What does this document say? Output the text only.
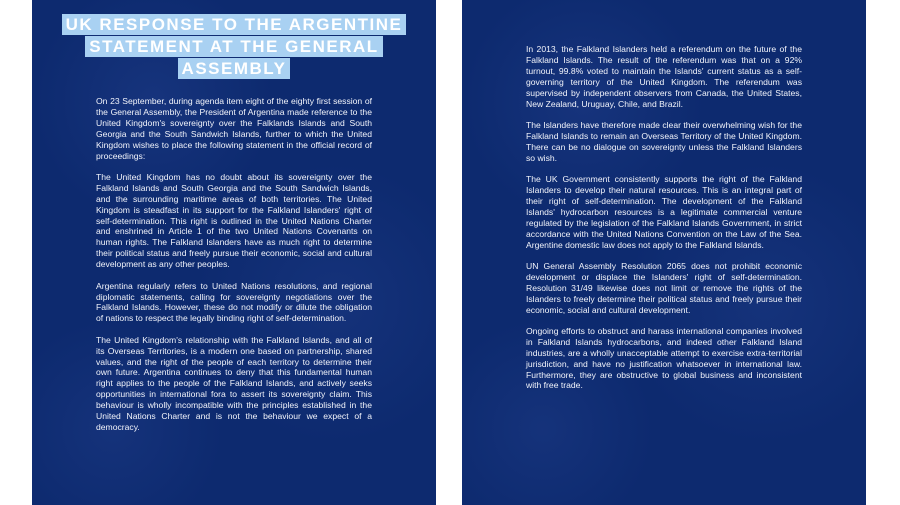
UK RESPONSE TO THE ARGENTINE STATEMENT AT THE GENERAL ASSEMBLY

On 23 September, during agenda item eight of the eighty first session of the General Assembly, the President of Argentina made reference to the United Kingdom's sovereignty over the Falklands Islands and South Georgia and the South Sandwich Islands, further to which the United Kingdom wishes to place the following statement in the official record of proceedings:

The United Kingdom has no doubt about its sovereignty over the Falkland Islands and South Georgia and the South Sandwich Islands, and the surrounding maritime areas of both territories. The United Kingdom is steadfast in its support for the Falkland Islanders' right of self-determination. This right is outlined in the United Nations Charter and enshrined in Article 1 of the two United Nations Covenants on human rights. The Falkland Islanders have as much right to determine their political status and freely pursue their economic, social and cultural development as any other peoples.

Argentina regularly refers to United Nations resolutions, and regional diplomatic statements, calling for sovereignty negotiations over the Falkland Islands. However, these do not modify or dilute the obligation of nations to respect the legally binding right of self-determination.

The United Kingdom's relationship with the Falkland Islands, and all of its Overseas Territories, is a modern one based on partnership, shared values, and the right of the people of each territory to determine their own future. Argentina continues to deny that this fundamental human right applies to the people of the Falkland Islands, and actively seeks opportunities in international fora to assert its sovereignty claim. This behaviour is wholly incompatible with the principles established in the United Nations Charter and is not the behaviour we expect of a democracy.

In 2013, the Falkland Islanders held a referendum on the future of the Falkland Islands. The result of the referendum was that on a 92% turnout, 99.8% voted to maintain the Islands' current status as a self-governing territory of the United Kingdom. The referendum was supervised by independent observers from Canada, the United States, New Zealand, Uruguay, Chile, and Brazil.

The Islanders have therefore made clear their overwhelming wish for the Falkland Islands to remain an Overseas Territory of the United Kingdom. There can be no dialogue on sovereignty unless the Falkland Islanders so wish.

The UK Government consistently supports the right of the Falkland Islanders to develop their natural resources. This is an integral part of their right of self-determination. The development of the Falkland Islands' hydrocarbon resources is a legitimate commercial venture regulated by the legislation of the Falkland Islands Government, in strict accordance with the United Nations Convention on the Law of the Sea. Argentine domestic law does not apply to the Falkland Islands.

UN General Assembly Resolution 2065 does not prohibit economic development or displace the Islanders' right of self-determination. Resolution 31/49 likewise does not limit or remove the rights of the Islanders to freely determine their political status and freely pursue their economic, social and cultural development.

Ongoing efforts to obstruct and harass international companies involved in Falkland Islands hydrocarbons, and indeed other Falkland Island industries, are a wholly unacceptable attempt to exercise extra-territorial jurisdiction, and have no justification whatsoever in international law. Furthermore, they are obstructive to global business and inconsistent with free trade.
